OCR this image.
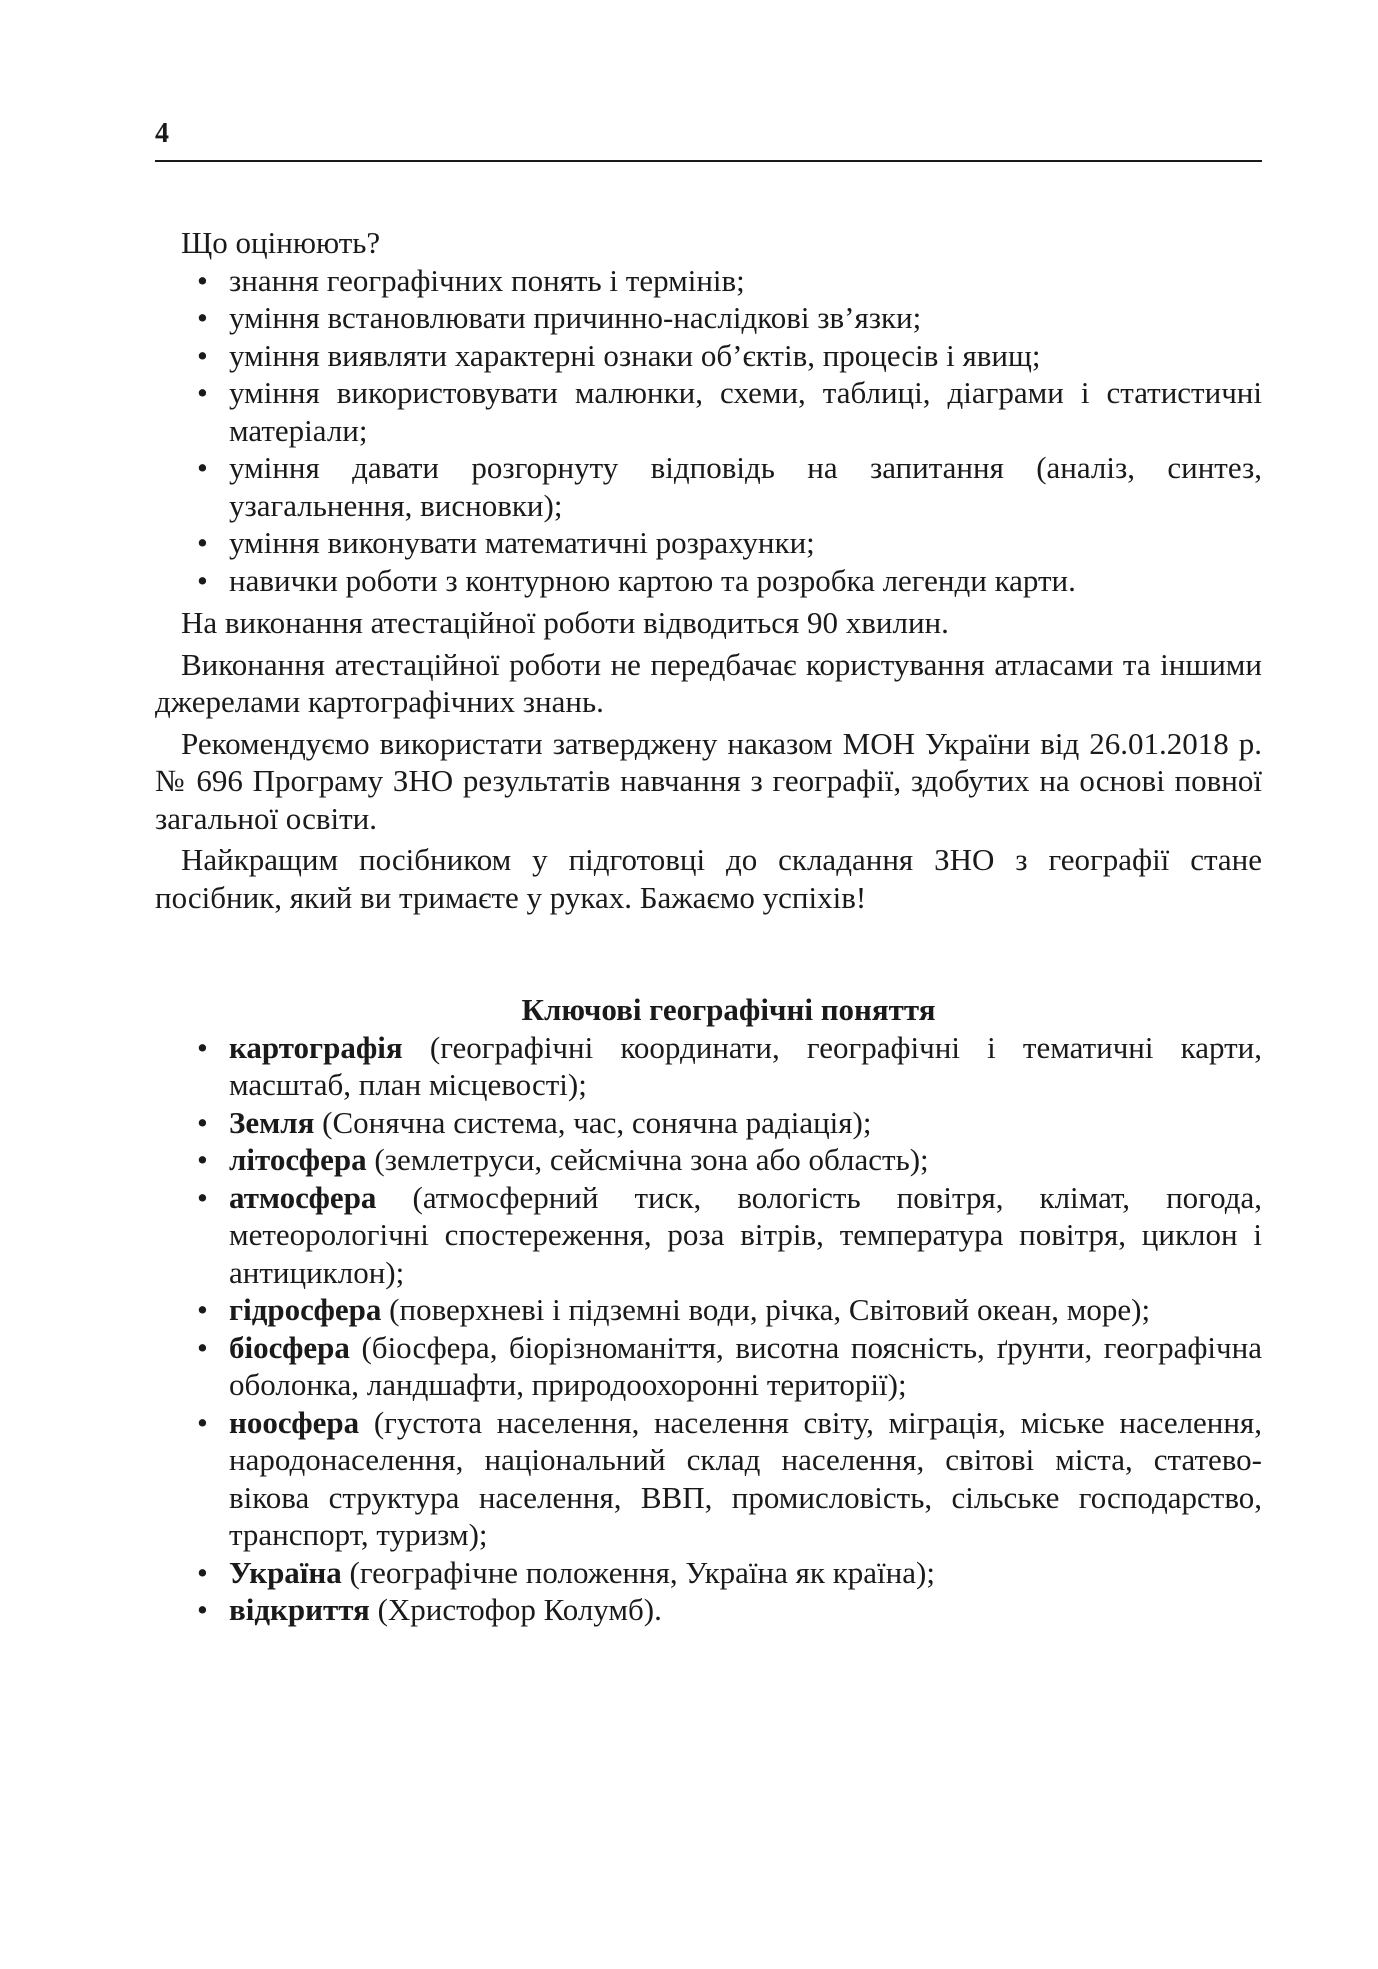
4
Що оцінюють?
• знання географічних понять і термінів;
• уміння встановлювати причинно-наслідкові зв’язки;
• уміння виявляти характерні ознаки об’єктів, процесів і явищ;
• уміння використовувати малюнки, схеми, таблиці, діаграми і статистичні матеріали;
• уміння давати розгорнуту відповідь на запитання (аналіз, синтез, узагальнення, висновки);
• уміння виконувати математичні розрахунки;
• навички роботи з контурною картою та розробка легенди карти.

На виконання атестаційної роботи відводиться 90 хвилин.

Виконання атестаційної роботи не передбачає користування атласами та іншими джерелами картографічних знань.

Рекомендуємо використати затверджену наказом МОН України від 26.01.2018 р. № 696 Програму ЗНО результатів навчання з географії, здобутих на основі повної загальної освіти.

Найкращим посібником у підготовці до складання ЗНО з географії стане посібник, який ви тримаєте у руках. Бажаємо успіхів!

Ключові географічні поняття
• картографія (географічні координати, географічні і тематичні карти, масштаб, план місцевості);
• Земля (Сонячна система, час, сонячна радіація);
• літосфера (землетруси, сейсмічна зона або область);
• атмосфера (атмосферний тиск, вологість повітря, клімат, погода, метеорологічні спостереження, роза вітрів, температура повітря, циклон і антициклон);
• гідросфера (поверхневі і підземні води, річка, Світовий океан, море);
• біосфера (біосфера, біорізноманіття, висотна поясність, ґрунти, географічна оболонка, ландшафти, природоохоронні території);
• ноосфера (густота населення, населення світу, міграція, міське населення, народонаселення, національний склад населення, світові міста, статево-вікова структура населення, ВВП, промисловість, сільське господарство, транспорт, туризм);
• Україна (географічне положення, Україна як країна);
• відкриття (Христофор Колумб).
